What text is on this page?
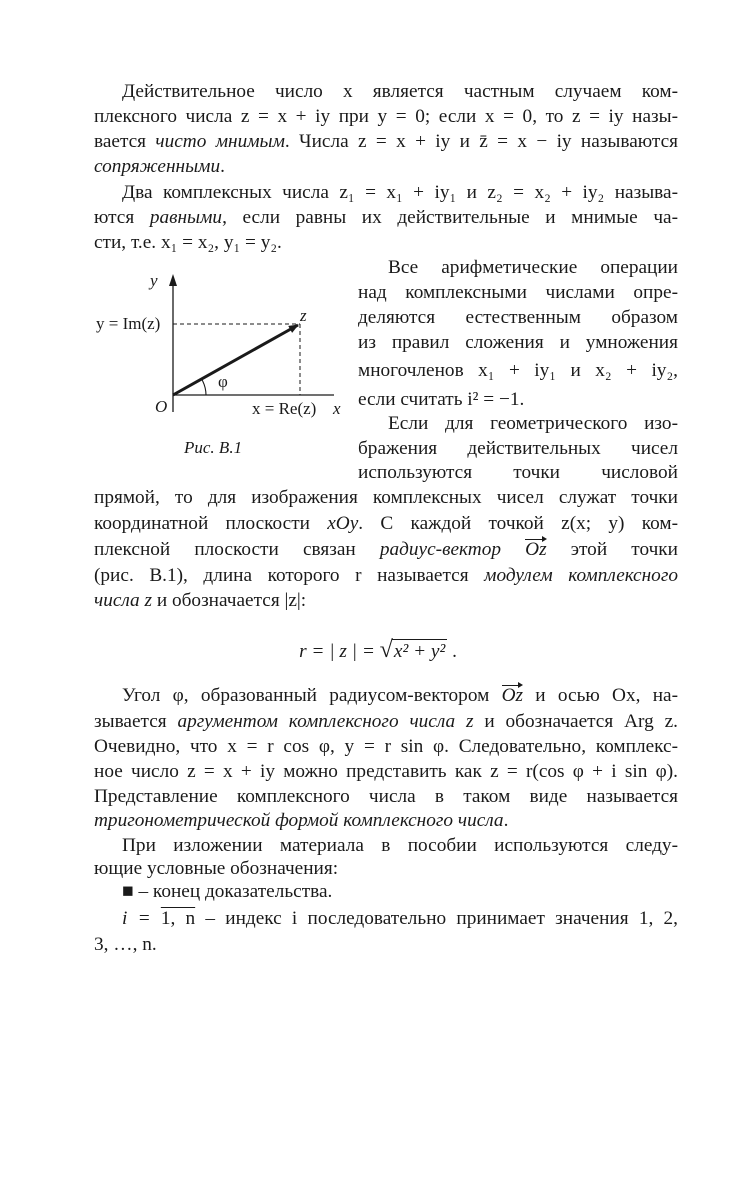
Действительное число x является частным случаем ком-
плексного числа z = x + iy при y = 0; если x = 0, то z = iy назы-
вается чисто мнимым. Числа z = x + iy и z̄ = x − iy называются
сопряженными.
Два комплексных числа z₁ = x₁ + iy₁ и z₂ = x₂ + iy₂ называ-
ются равными, если равны их действительные и мнимые ча-
сти, т.е. x₁ = x₂, y₁ = y₂.
y
y = Im(z)	z
φ
O	x = Re(z) x
Рис. В.1
Все арифметические операции
над комплексными числами опре-
деляются естественным образом
из правил сложения и умножения
многочленов x₁ + iy₁ и x₂ + iy₂,
если считать i² = −1.
Если для геометрического изо-
бражения действительных чисел
используются точки числовой
прямой, то для изображения комплексных чисел служат точки
координатной плоскости xOy. С каждой точкой z(x; y) ком-
плексной плоскости связан радиус-вектор Oz этой точки
(рис. В.1), длина которого r называется модулем комплексного
числа z и обозначается |z|:
r = | z | = √x² + y² .
Угол φ, образованный радиусом-вектором Oz и осью Ox, на-
зывается аргументом комплексного числа z и обозначается Arg z.
Очевидно, что x = r cos φ, y = r sin φ. Следовательно, комплекс-
ное число z = x + iy можно представить как z = r(cos φ + i sin φ).
Представление комплексного числа в таком виде называется
тригонометрической формой комплексного числа.
При изложении материала в пособии используются следу-
ющие условные обозначения:
■ – конец доказательства.
i = 1, n – индекс i последовательно принимает значения 1, 2,
3, …, n.
